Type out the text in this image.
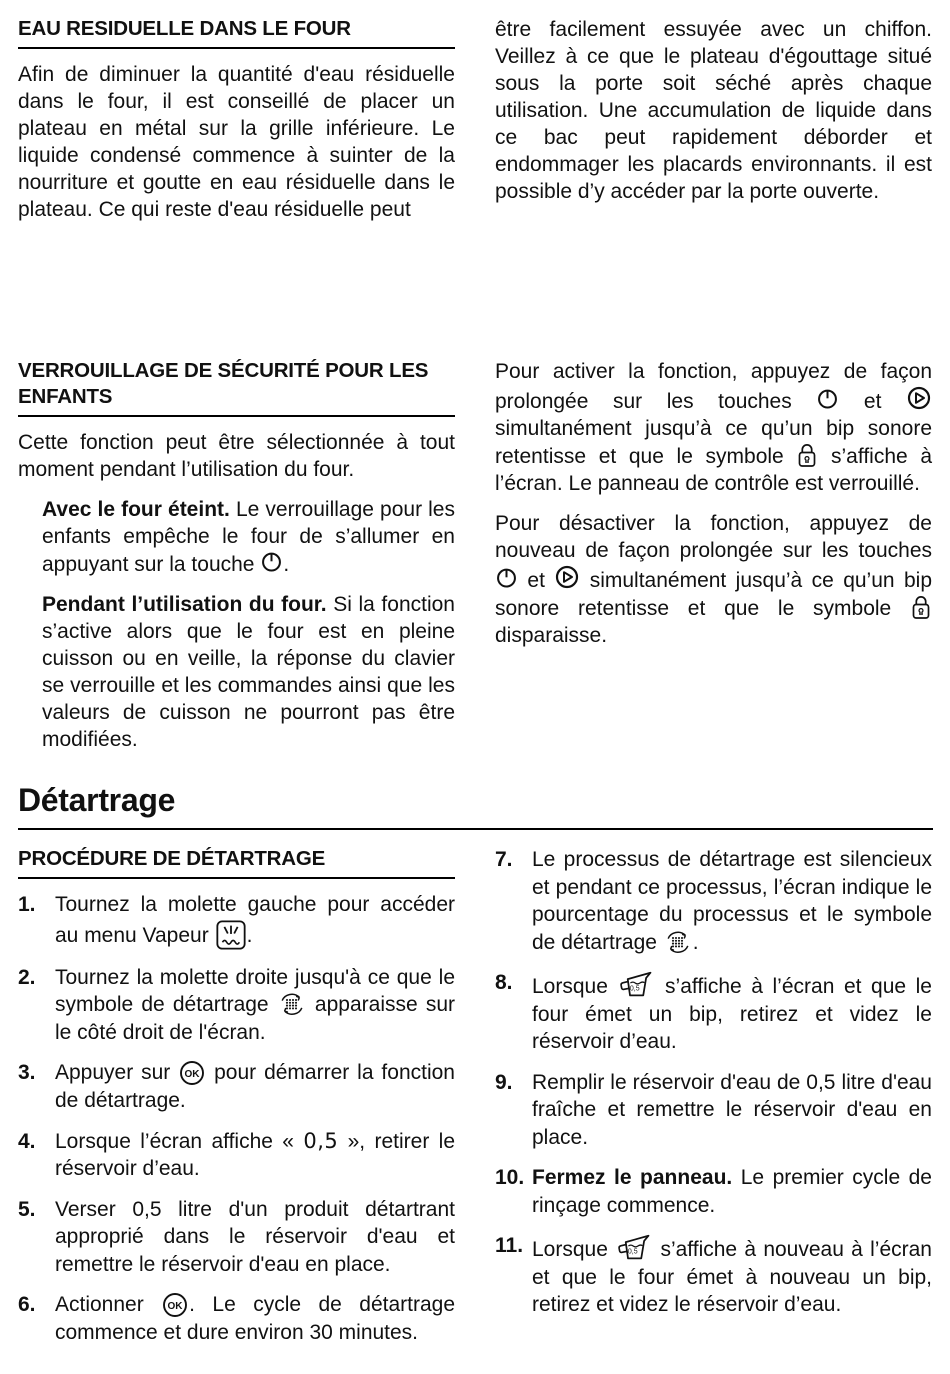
EAU RESIDUELLE DANS LE FOUR

Afin de diminuer la quantité d'eau résiduelle dans le four, il est conseillé de placer un plateau en métal sur la grille inférieure. Le liquide condensé commence à suinter de la nourriture et goutte en eau résiduelle dans le plateau. Ce qui reste d'eau résiduelle peut

être facilement essuyée avec un chiffon. Veillez à ce que le plateau d'égouttage situé sous la porte soit séché après chaque utilisation. Une accumulation de liquide dans ce bac peut rapidement déborder et endommager les placards environnants. il est possible d’y accéder par la porte ouverte.

VERROUILLAGE DE SÉCURITÉ POUR LES ENFANTS

Cette fonction peut être sélectionnée à tout moment pendant l’utilisation du four.

Avec le four éteint. Le verrouillage pour les enfants empêche le four de s’allumer en appuyant sur la touche .

Pendant l’utilisation du four. Si la fonction s’active alors que le four est en pleine cuisson ou en veille, la réponse du clavier se verrouille et les commandes ainsi que les valeurs de cuisson ne pourront pas être modifiées.

Pour activer la fonction, appuyez de façon prolongée sur les touches  et  simultanément jusqu’à ce qu’un bip sonore retentisse et que le symbole  s’affiche à l’écran. Le panneau de contrôle est verrouillé.

Pour désactiver la fonction, appuyez de nouveau de façon prolongée sur les touches  et  simultanément jusqu’à ce qu’un bip sonore retentisse et que le symbole  disparaisse.

Détartrage
PROCÉDURE DE DÉTARTRAGE
1. Tournez la molette gauche pour accéder au menu Vapeur .
2. Tournez la molette droite jusqu'à ce que le symbole de détartrage  apparaisse sur le côté droit de l'écran.
3. Appuyer sur OK pour démarrer la fonction de détartrage.
4. Lorsque l’écran affiche « 0,5 », retirer le réservoir d’eau.
5. Verser 0,5 litre d'un produit détartrant approprié dans le réservoir d'eau et remettre le réservoir d'eau en place.
6. Actionner OK . Le cycle de détartrage commence et dure environ 30 minutes.
7. Le processus de détartrage est silencieux et pendant ce processus, l’écran indique le pourcentage du processus et le symbole de détartrage .
8. Lorsque 0,5 s’affiche à l’écran et que le four émet un bip, retirez et videz le réservoir d’eau.
9. Remplir le réservoir d'eau de 0,5 litre d'eau fraîche et remettre le réservoir d'eau en place.
10. Fermez le panneau. Le premier cycle de rinçage commence.
11. Lorsque 0,5 s’affiche à nouveau à l’écran et que le four émet à nouveau un bip, retirez et videz le réservoir d’eau.
